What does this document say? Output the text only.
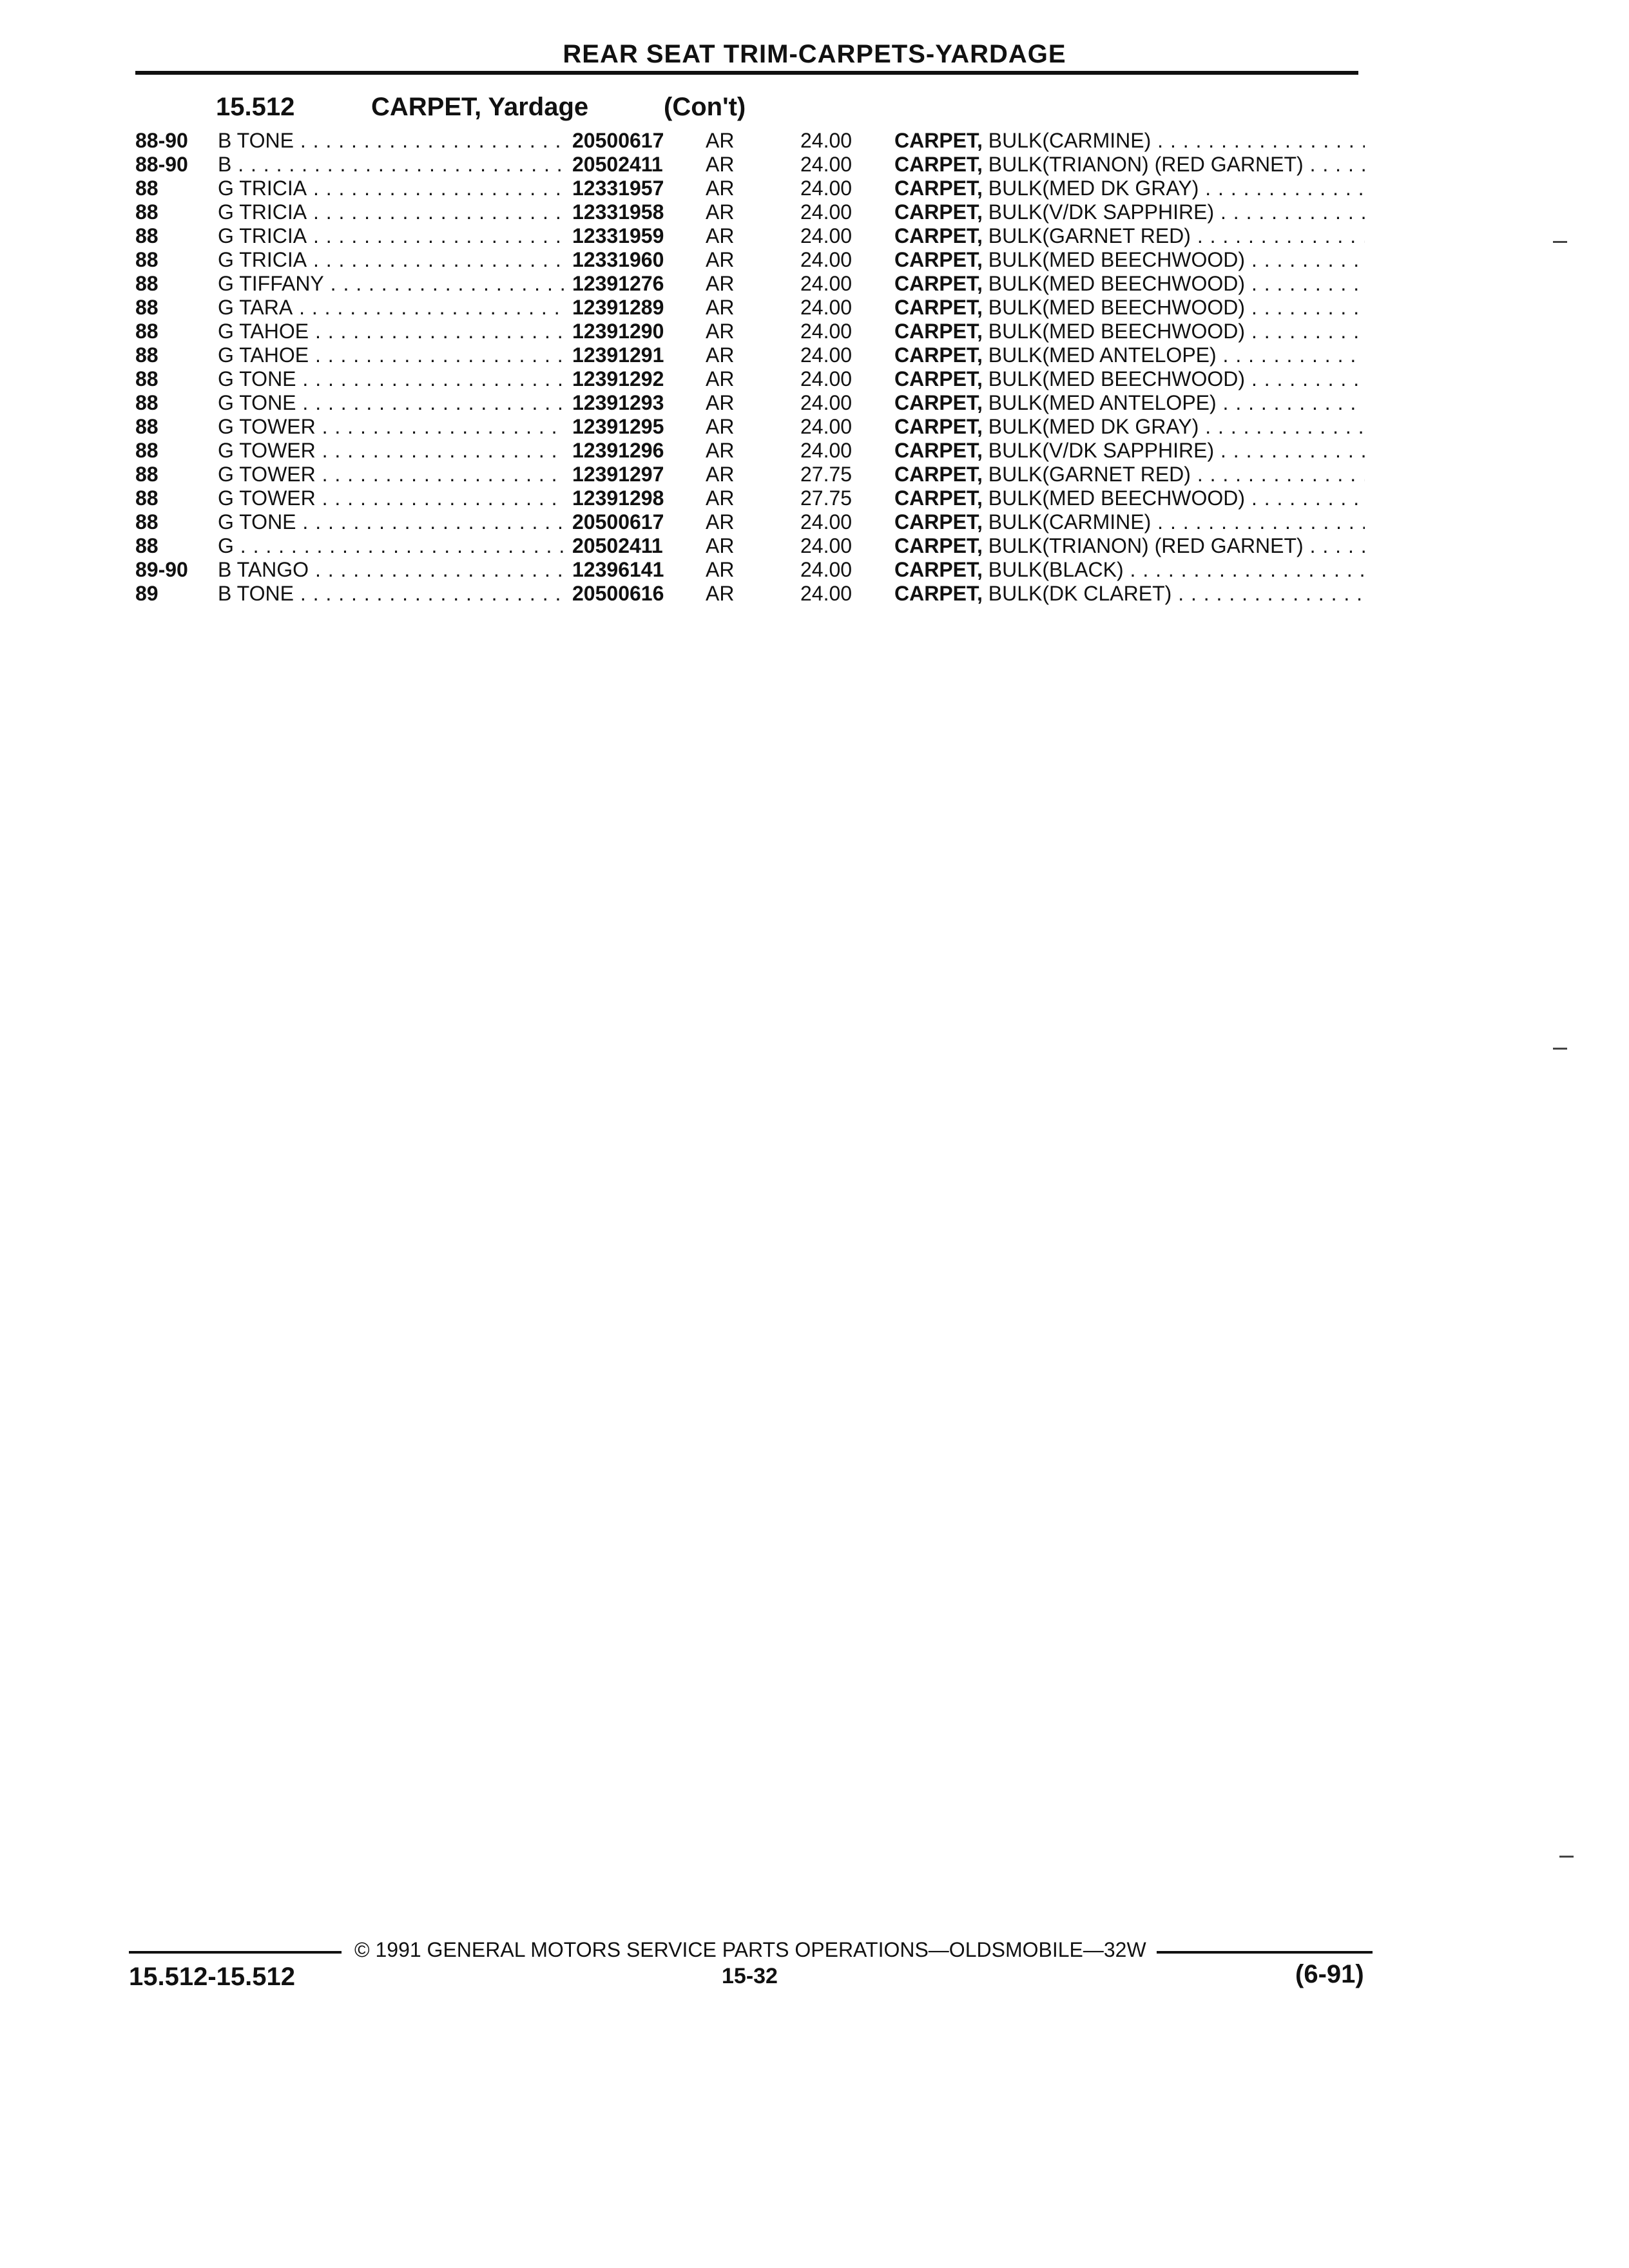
REAR SEAT TRIM-CARPETS-YARDAGE
15.512	CARPET, Yardage	(Con't)
88-90 B TONE . . .	20500617 AR	24.00 CARPET, BULK(CARMINE) . . .
88-90 B . . .	20502411 AR	24.00 CARPET, BULK(TRIANON) (RED GARNET) . . .
88	G TRICIA . . .	12331957 AR	24.00 CARPET, BULK(MED DK GRAY) . . .
88	G TRICIA . . .	12331958 AR	24.00 CARPET, BULK(V/DK SAPPHIRE) . . .
88	G TRICIA . . .	12331959 AR	24.00 CARPET, BULK(GARNET RED) . . .
88	G TRICIA . . .	12331960 AR	24.00 CARPET, BULK(MED BEECHWOOD) . . .
88	G TIFFANY . . .	12391276 AR	24.00 CARPET, BULK(MED BEECHWOOD) . . .
88	G TARA . . .	12391289 AR	24.00 CARPET, BULK(MED BEECHWOOD) . . .
88	G TAHOE . . .	12391290 AR	24.00 CARPET, BULK(MED BEECHWOOD) . . .
88	G TAHOE . . .	12391291 AR	24.00 CARPET, BULK(MED ANTELOPE) . . .
88	G TONE . . .	12391292 AR	24.00 CARPET, BULK(MED BEECHWOOD) . . .
88	G TONE . . .	12391293 AR	24.00 CARPET, BULK(MED ANTELOPE) . . .
88	G TOWER . . .	12391295 AR	24.00 CARPET, BULK(MED DK GRAY) . . .
88	G TOWER . . .	12391296 AR	24.00 CARPET, BULK(V/DK SAPPHIRE) . . .
88	G TOWER . . .	12391297 AR	27.75 CARPET, BULK(GARNET RED) . . .
88	G TOWER . . .	12391298 AR	27.75 CARPET, BULK(MED BEECHWOOD) . . .
88	G TONE . . .	20500617 AR	24.00 CARPET, BULK(CARMINE) . . .
88	G . . .	20502411 AR	24.00 CARPET, BULK(TRIANON) (RED GARNET) . . .
89-90 B TANGO . . .	12396141 AR	24.00 CARPET, BULK(BLACK) . . .
89	B TONE . . .	20500616 AR	24.00 CARPET, BULK(DK CLARET) . . .
© 1991 GENERAL MOTORS SERVICE PARTS OPERATIONS—OLDSMOBILE—32W
15.512-15.512	15-32	(6-91)
